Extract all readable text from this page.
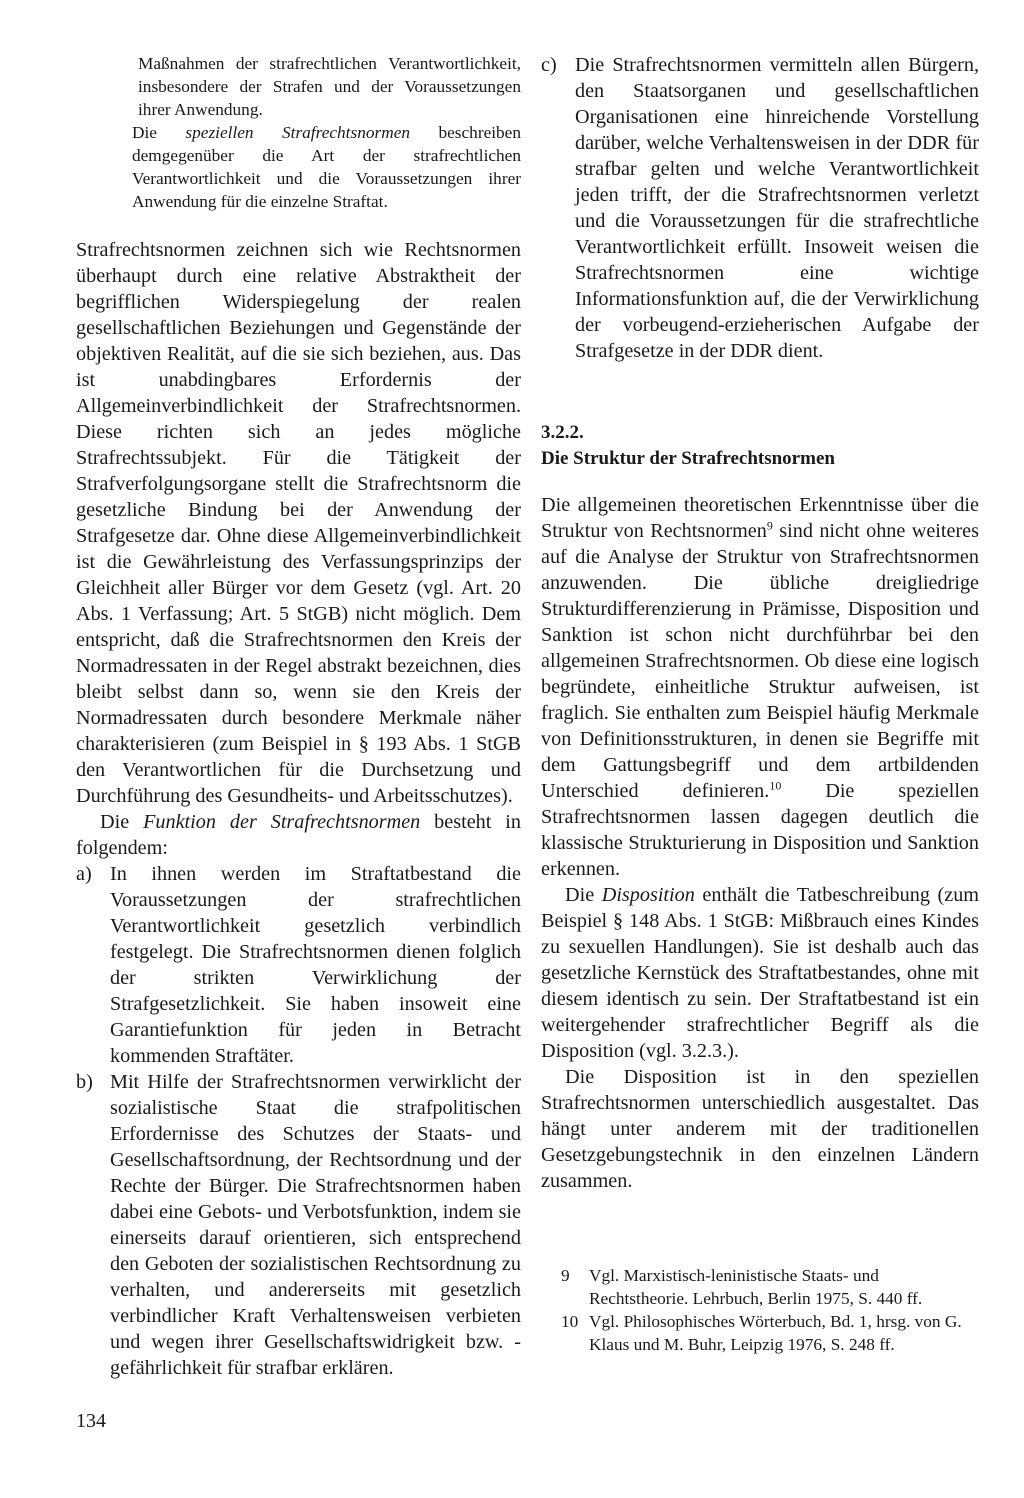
Maßnahmen der strafrechtlichen Verantwortlichkeit, insbesondere der Strafen und der Voraussetzungen ihrer Anwendung.

Die speziellen Strafrechtsnormen beschreiben demgegenüber die Art der strafrechtlichen Verantwortlichkeit und die Voraussetzungen ihrer Anwendung für die einzelne Straftat.

Strafrechtsnormen zeichnen sich wie Rechtsnormen überhaupt durch eine relative Abstraktheit der begrifflichen Widerspiegelung der realen gesellschaftlichen Beziehungen und Gegenstände der objektiven Realität, auf die sie sich beziehen, aus. Das ist unabdingbares Erfordernis der Allgemeinverbindlichkeit der Strafrechtsnormen. Diese richten sich an jedes mögliche Strafrechtssubjekt. Für die Tätigkeit der Strafverfolgungsorgane stellt die Strafrechtsnorm die gesetzliche Bindung bei der Anwendung der Strafgesetze dar. Ohne diese Allgemeinverbindlichkeit ist die Gewährleistung des Verfassungsprinzips der Gleichheit aller Bürger vor dem Gesetz (vgl. Art. 20 Abs. 1 Verfassung; Art. 5 StGB) nicht möglich. Dem entspricht, daß die Strafrechtsnormen den Kreis der Normadressaten in der Regel abstrakt bezeichnen, dies bleibt selbst dann so, wenn sie den Kreis der Normadressaten durch besondere Merkmale näher charakterisieren (zum Beispiel in § 193 Abs. 1 StGB den Verantwortlichen für die Durchsetzung und Durchführung des Gesundheits- und Arbeitsschutzes).

Die Funktion der Strafrechtsnormen besteht in folgendem:

a) In ihnen werden im Straftatbestand die Voraussetzungen der strafrechtlichen Verantwortlichkeit gesetzlich verbindlich festgelegt. Die Strafrechtsnormen dienen folglich der strikten Verwirklichung der Strafgesetzlichkeit. Sie haben insoweit eine Garantiefunktion für jeden in Betracht kommenden Straftäter.
b) Mit Hilfe der Strafrechtsnormen verwirklicht der sozialistische Staat die strafpolitischen Erfordernisse des Schutzes der Staats- und Gesellschaftsordnung, der Rechtsordnung und der Rechte der Bürger. Die Strafrechtsnormen haben dabei eine Gebots- und Verbotsfunktion, indem sie einerseits darauf orientieren, sich entsprechend den Geboten der sozialistischen Rechtsordnung zu verhalten, und andererseits mit gesetzlich verbindlicher Kraft Verhaltensweisen verbieten und wegen ihrer Gesellschaftswidrigkeit bzw. -gefährlichkeit für strafbar erklären.
c) Die Strafrechtsnormen vermitteln allen Bürgern, den Staatsorganen und gesellschaftlichen Organisationen eine hinreichende Vorstellung darüber, welche Verhaltensweisen in der DDR für strafbar gelten und welche Verantwortlichkeit jeden trifft, der die Strafrechtsnormen verletzt und die Voraussetzungen für die strafrechtliche Verantwortlichkeit erfüllt. Insoweit weisen die Strafrechtsnormen eine wichtige Informationsfunktion auf, die der Verwirklichung der vorbeugend-erzieherischen Aufgabe der Strafgesetze in der DDR dient.
3.2.2.
Die Struktur der Strafrechtsnormen

Die allgemeinen theoretischen Erkenntnisse über die Struktur von Rechtsnormen$^9$ sind nicht ohne weiteres auf die Analyse der Struktur von Strafrechtsnormen anzuwenden. Die übliche dreigliedrige Strukturdifferenzierung in Prämisse, Disposition und Sanktion ist schon nicht durchführbar bei den allgemeinen Strafrechtsnormen. Ob diese eine logisch begründete, einheitliche Struktur aufweisen, ist fraglich. Sie enthalten zum Beispiel häufig Merkmale von Definitionsstrukturen, in denen sie Begriffe mit dem Gattungsbegriff und dem artbildenden Unterschied definieren.$^{10}$ Die speziellen Strafrechtsnormen lassen dagegen deutlich die klassische Strukturierung in Disposition und Sanktion erkennen.

Die Disposition enthält die Tatbeschreibung (zum Beispiel § 148 Abs. 1 StGB: Mißbrauch eines Kindes zu sexuellen Handlungen). Sie ist deshalb auch das gesetzliche Kernstück des Straftatbestandes, ohne mit diesem identisch zu sein. Der Straftatbestand ist ein weitergehender strafrechtlicher Begriff als die Disposition (vgl. 3.2.3.).

Die Disposition ist in den speziellen Strafrechtsnormen unterschiedlich ausgestaltet. Das hängt unter anderem mit der traditionellen Gesetzgebungstechnik in den einzelnen Ländern zusammen.

9	Vgl. Marxistisch-leninistische Staats- und Rechtstheorie. Lehrbuch, Berlin 1975, S. 440 ff.
10 Vgl. Philosophisches Wörterbuch, Bd. 1, hrsg. von G. Klaus und M. Buhr, Leipzig 1976, S. 248 ff.
134
